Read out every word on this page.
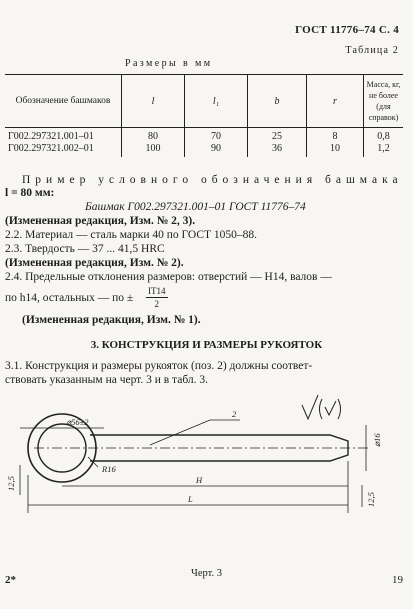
ГОСТ 11776–74 С. 4
Таблица 2
Размеры в мм
Обозначение башмаков	l	l₁	b	r	Масса, кг, не более (для справок)
Г002.297321.001–01	80	70	25	8	0,8
Г002.297321.002–01	100	90	36	10	1,2
Пример условного обозначения башмака
l = 80 мм:
Башмак Г002.297321.001–01 ГОСТ 11776–74
(Измененная редакция, Изм. № 2, 3).
2.2. Материал — сталь марки 40 по ГОСТ 1050–88.
2.3. Твердость — 37 ... 41,5 HRC
(Измененная редакция, Изм. № 2).
2.4. Предельные отклонения размеров: отверстий — Н14, валов —
по h14, остальных — по ± $\frac{IT14}{2}$
(Измененная редакция, Изм. № 1).
3. КОНСТРУКЦИЯ И РАЗМЕРЫ РУКОЯТОК
3.1. Конструкция и размеры рукояток (поз. 2) должны соответ-
ствовать указанным на черт. 3 и в табл. 3.
⌀56±2
2
R16
H
L
⌀16
12,5
12,5
Черт. 3
2*	19
